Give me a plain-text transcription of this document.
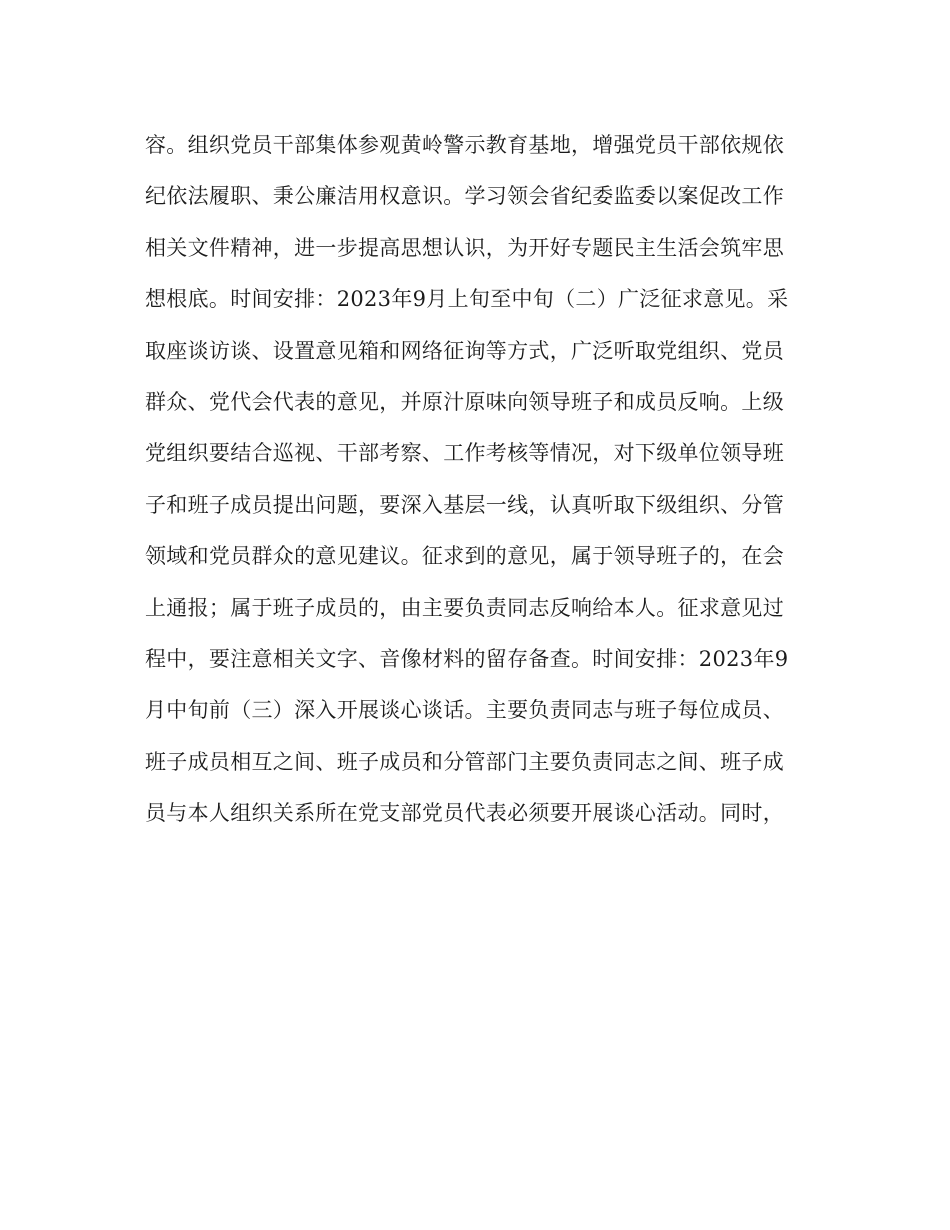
容。组织党员干部集体参观黄岭警示教育基地，增强党员干部依规依
纪依法履职、秉公廉洁用权意识。学习领会省纪委监委以案促改工作
相关文件精神，进一步提高思想认识，为开好专题民主生活会筑牢思
想根底。时间安排：2023年9月上旬至中旬（二）广泛征求意见。采
取座谈访谈、设置意见箱和网络征询等方式，广泛听取党组织、党员
群众、党代会代表的意见，并原汁原味向领导班子和成员反响。上级
党组织要结合巡视、干部考察、工作考核等情况，对下级单位领导班
子和班子成员提出问题，要深入基层一线，认真听取下级组织、分管
领域和党员群众的意见建议。征求到的意见，属于领导班子的，在会
上通报；属于班子成员的，由主要负责同志反响给本人。征求意见过
程中，要注意相关文字、音像材料的留存备查。时间安排：2023年9
月中旬前（三）深入开展谈心谈话。主要负责同志与班子每位成员、
班子成员相互之间、班子成员和分管部门主要负责同志之间、班子成
员与本人组织关系所在党支部党员代表必须要开展谈心活动。同时，
